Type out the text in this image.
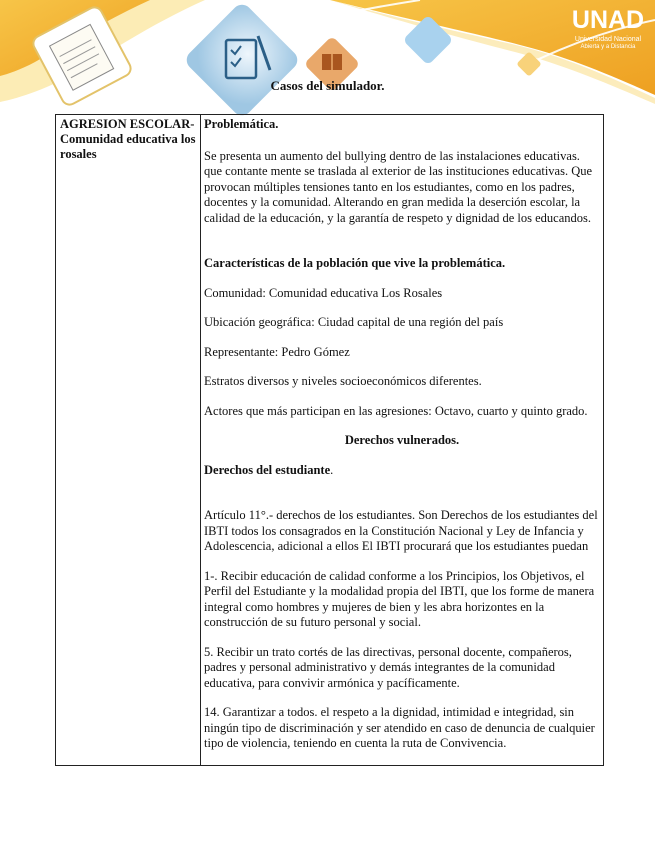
UNAD
Universidad Nacional
Abierta y a Distancia
Casos del simulador.
AGRESION ESCOLAR-Comunidad educativa los rosales

Problemática.

Se presenta un aumento del bullying dentro de las instalaciones educativas. que contante mente se traslada al exterior de las instituciones educativas. Que provocan múltiples tensiones tanto en los estudiantes, como en los padres, docentes y la comunidad. Alterando en gran medida la deserción escolar, la calidad de la educación, y la garantía de respeto y dignidad de los educandos.

Características de la población que vive la problemática.

Comunidad: Comunidad educativa Los Rosales

Ubicación geográfica: Ciudad capital de una región del país

Representante: Pedro Gómez

Estratos diversos y niveles socioeconómicos diferentes.

Actores que más participan en las agresiones: Octavo, cuarto y quinto grado.

Derechos vulnerados.

Derechos del estudiante.

Artículo 11°.- derechos de los estudiantes. Son Derechos de los estudiantes del IBTI todos los consagrados en la Constitución Nacional y Ley de Infancia y Adolescencia, adicional a ellos El IBTI procurará que los estudiantes puedan

1-. Recibir educación de calidad conforme a los Principios, los Objetivos, el Perfil del Estudiante y la modalidad propia del IBTI, que los forme de manera integral como hombres y mujeres de bien y les abra horizontes en la construcción de su futuro personal y social.

5. Recibir un trato cortés de las directivas, personal docente, compañeros, padres y personal administrativo y demás integrantes de la comunidad educativa, para convivir armónica y pacíficamente.

14. Garantizar a todos. el respeto a la dignidad, intimidad e integridad, sin ningún tipo de discriminación y ser atendido en caso de denuncia de cualquier tipo de violencia, teniendo en cuenta la ruta de Convivencia.
